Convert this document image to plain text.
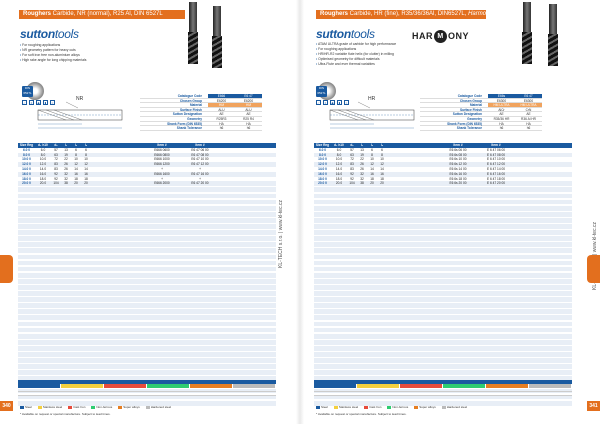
Roughers Carbide, NR (normal), R25 Al, DIN 6527L
suttontools
• For roughing applications
• NR geometry pattern for heavy cuts
• For soft iron free non-aluminium alloys
• High rake angle for long chipping materials
DIN 6527L
⟋	±	◆	▮	≈
NR	Catalogue Code	E666	E6 47
Chosen Group	E6200	E6200
Material	HM	HM
Surface Finish	ALU	ALU
Sutton Designation	AE	AE
Geometry	R25R3	R25 R4
Shank Form (DIN 6535)	HA	HA
Shank Tolerance	h6	h6
Size Reg	d₁ h10	d₂	l₁	l₂	l₃	Item #	Item #
6.0 0	6.0	57	13	6	6	E666 0600	E6 47 06 00
8.0 0	8.0	63	19	8	8	E666 0800	E6 47 08 00
10.0 0	10.0	72	22	10	10	E666 1000	E6 47 10 00
12.0 0	12.0	83	26	12	12	E666 1200	E6 47 12 00
14.0 0	14.0	83	26	14	14	+	+
16.0 0	16.0	92	32	16	16	E666 1600	E6 47 16 00
18.0 0	18.0	92	32	18	18	+	+
20.0 0	20.0	104	38	20	20	E666 2000	E6 47 20 00
Steel	Stainless steel	Cast Iron	Non-ferrous	Super alloys	Hardened steel
* Available on request or special manufacture. Subject to lead times.
340
KL-TECH s.r.o. | www.kl-tec.cz
Roughers Carbide, HR (fine), R35/36/36Al, DIN6527L, Harmony
suttontools	HAR M ONY
• ATAM ULTRA grade of carbide for high performance
• For roughing applications
• HR/HR-R2 variable flute helix (for clutter) in milling
• Optimised geometry for difficult materials
• Ultra-Flute and ever thermal variables
DIN 6527L
⟋	±	◆	▮	≈
HR	Catalogue Code	E66s	E6 47
Chosen Group	E6300	E6300
Material	HM ULTRA	HM ULTRA
Surface Finish	AlCr	CrN
Sutton Designation	AE	AE
Geometry	R35/36 HR	R36 Al HR
Shank Form (DIN 6535)	HA	HA
Shank Tolerance	h6	h6
Size Reg	d₁ h10	d₂	l₁	l₂	l₃	Item #	Item #
6.0 0	6.0	57	13	6	6	E6 6s 06 00	E 6 47 06 00
8.0 0	8.0	63	19	8	8	E6 6s 08 00	E 6 47 08 00
10.0 0	10.0	72	22	10	10	E6 6s 10 00	E 6 47 10 00
12.0 0	12.0	83	26	12	12	E6 6s 12 00	E 6 47 12 00
14.0 0	14.0	83	26	14	14	E6 6s 14 00	E 6 47 14 00
16.0 0	16.0	92	32	16	16	E6 6s 16 00	E 6 47 16 00
18.0 0	18.0	92	32	18	18	E6 6s 18 00	E 6 47 18 00
20.0 0	20.0	104	38	20	20	E6 6s 20 00	E 6 47 20 00
Steel	Stainless steel	Cast Iron	Non-ferrous	Super alloys	Hardened steel
* Available on request or special manufacture. Subject to lead times.
341
